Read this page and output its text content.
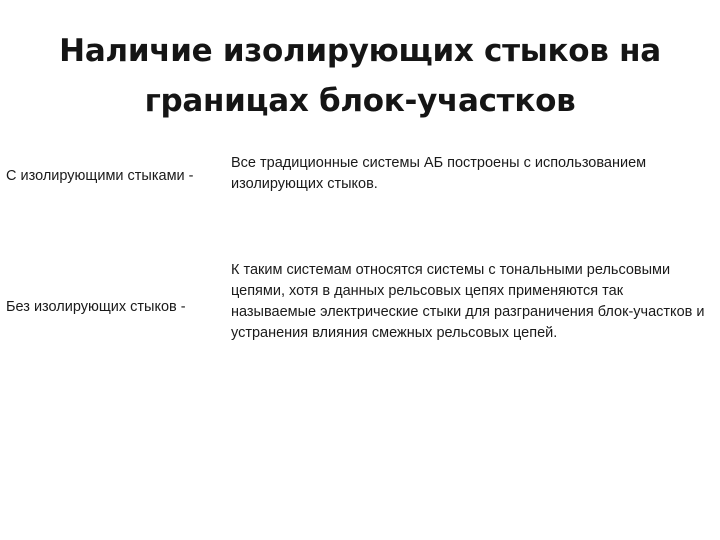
Наличие изолирующих стыков на границах блок-участков
С изолирующими стыками -
Все традиционные системы АБ построены с использованием изолирующих стыков.
Без изолирующих стыков -
К таким системам относятся системы с тональными рельсовыми цепями, хотя в данных рельсовых цепях применяются так называемые электрические стыки для разграничения блок-участков и устранения влияния смежных рельсовых цепей.
